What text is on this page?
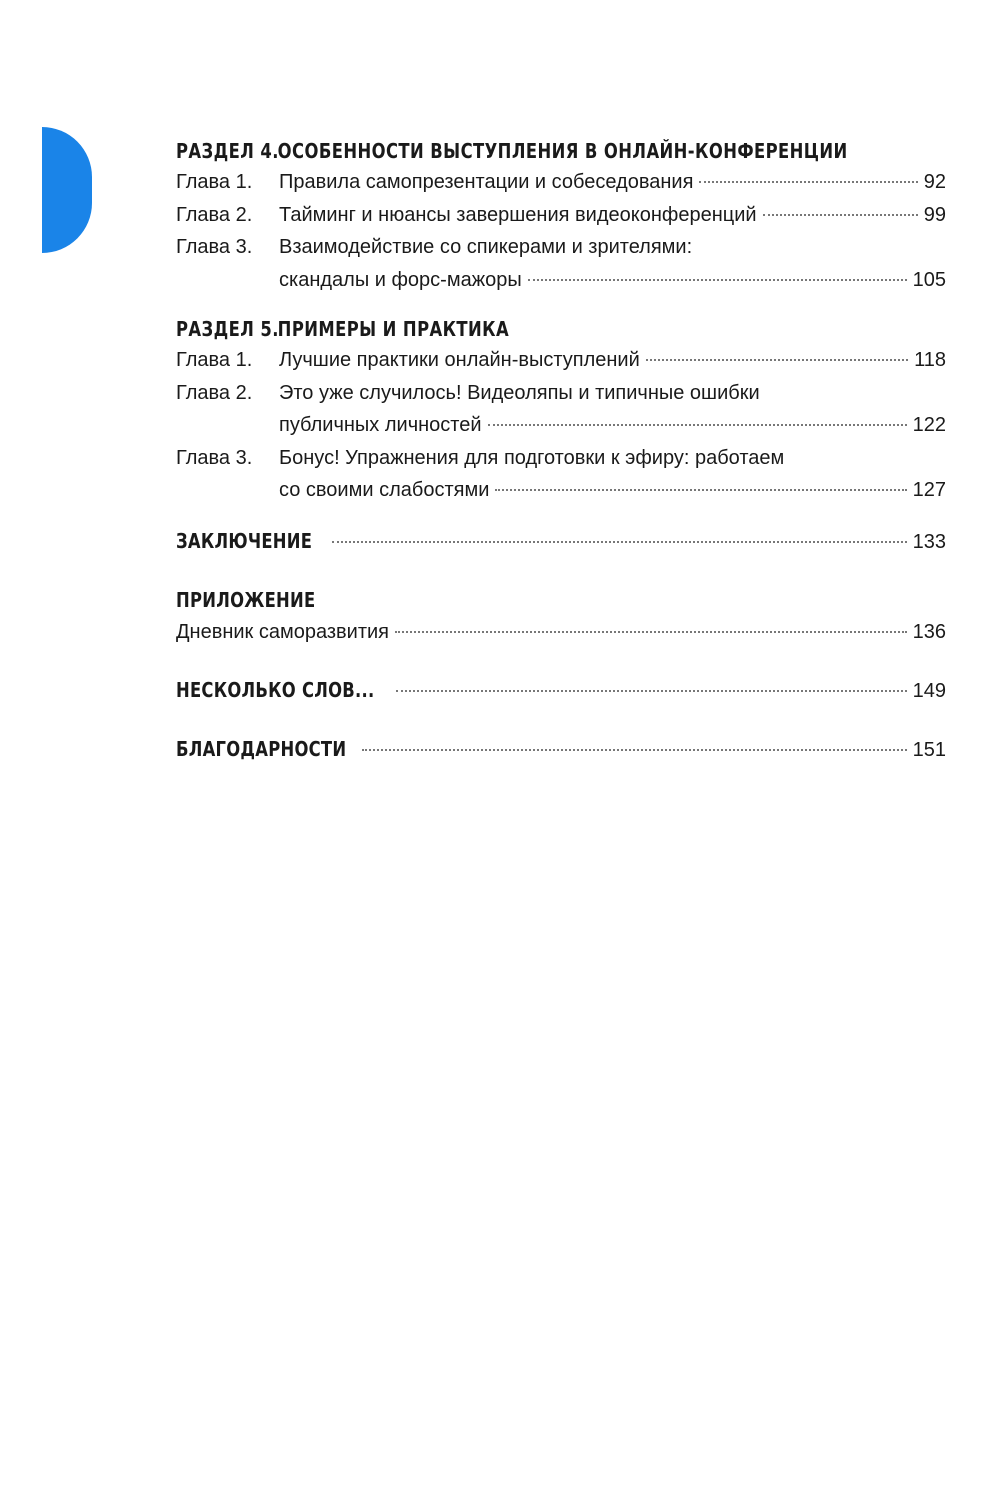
РАЗДЕЛ 4.ОСОБЕННОСТИ ВЫСТУПЛЕНИЯ В ОНЛАЙН-КОНФЕРЕНЦИИ
Глава 1.	Правила самопрезентации и собеседования	92
Глава 2.	Тайминг и нюансы завершения видеоконференций	99
Глава 3.	Взаимодействие со спикерами и зрителями:
скандалы и форс-мажоры	105
РАЗДЕЛ 5.ПРИМЕРЫ И ПРАКТИКА
Глава 1.	Лучшие практики онлайн-выступлений	118
Глава 2.	Это уже случилось! Видеоляпы и типичные ошибки
публичных личностей	122
Глава 3.	Бонус! Упражнения для подготовки к эфиру: работаем
со своими слабостями	127
ЗАКЛЮЧЕНИЕ	133
ПРИЛОЖЕНИЕ
Дневник саморазвития	136
НЕСКОЛЬКО СЛОВ...	149
БЛАГОДАРНОСТИ	151
